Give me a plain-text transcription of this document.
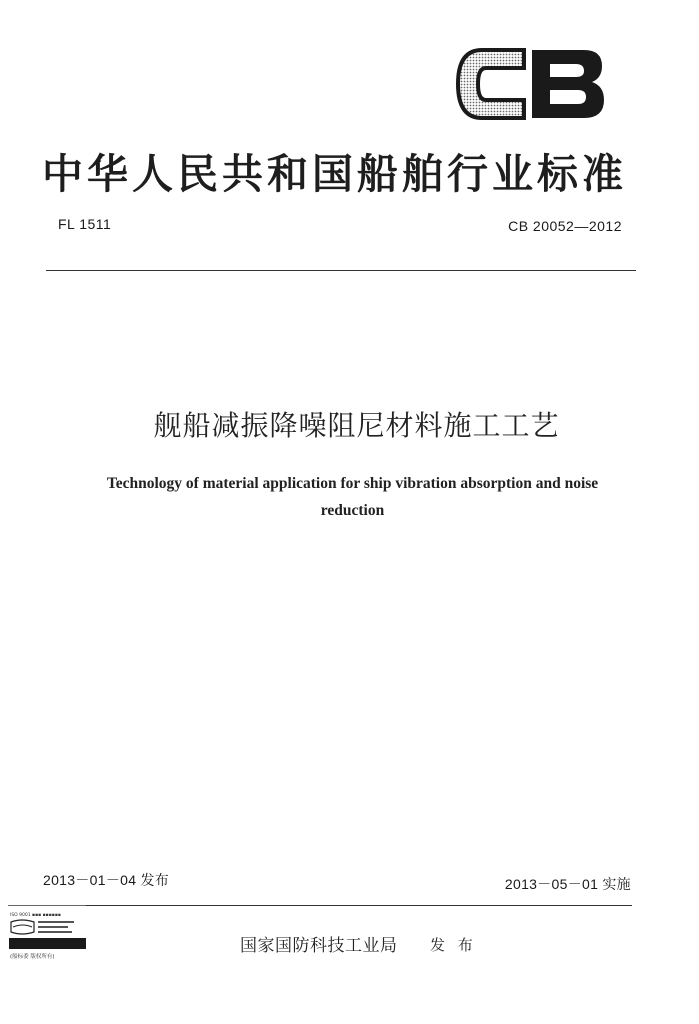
中华人民共和国船舶行业标准
FL 1511	CB 20052—2012
舰船减振降噪阻尼材料施工工艺
Technology of material application for ship vibration absorption and noise
reduction
2013－01－04 发布	2013－05－01 实施
ISO 9001 ▪▪▪ ▪▪▪▪▪▪
(船标委 版权所有)
国家国防科技工业局 发 布
